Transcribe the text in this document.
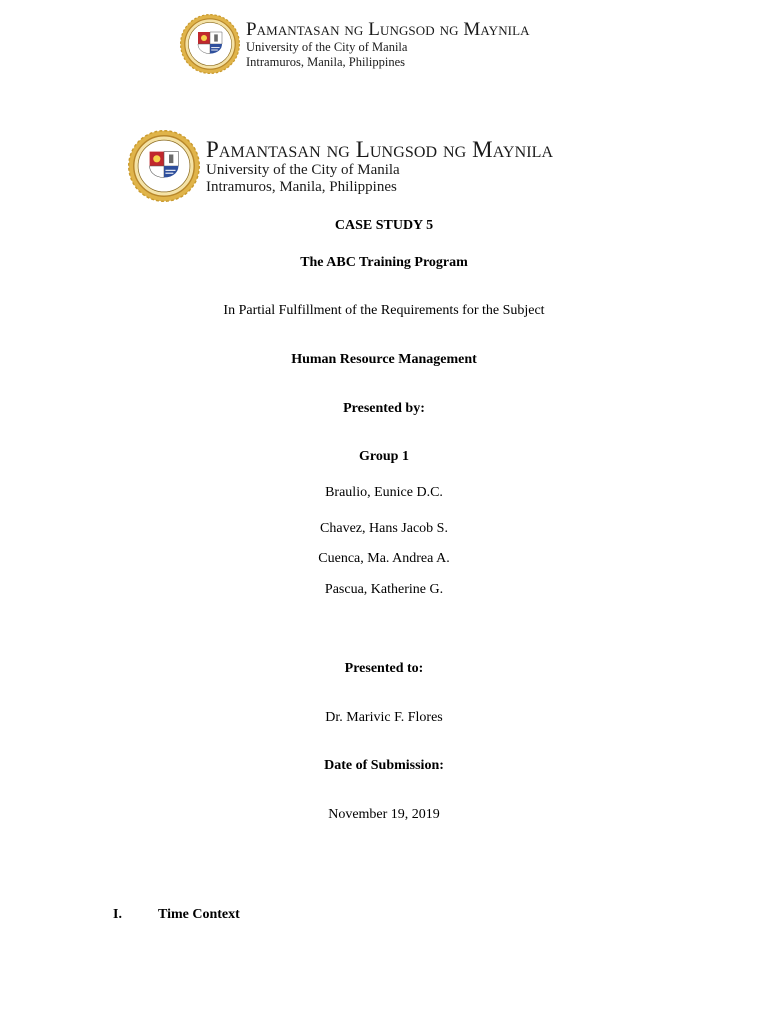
Pamantasan ng Lungsod ng Maynila
University of the City of Manila
Intramuros, Manila, Philippines
Pamantasan ng Lungsod ng Maynila
University of the City of Manila
Intramuros, Manila, Philippines
CASE STUDY 5
The ABC Training Program
In Partial Fulfillment of the Requirements for the Subject
Human Resource Management
Presented by:
Group 1
Braulio, Eunice D.C.
Chavez, Hans Jacob S.
Cuenca, Ma. Andrea A.
Pascua, Katherine G.
Presented to:
Dr. Marivic F. Flores
Date of Submission:
November 19, 2019
I.	Time Context
